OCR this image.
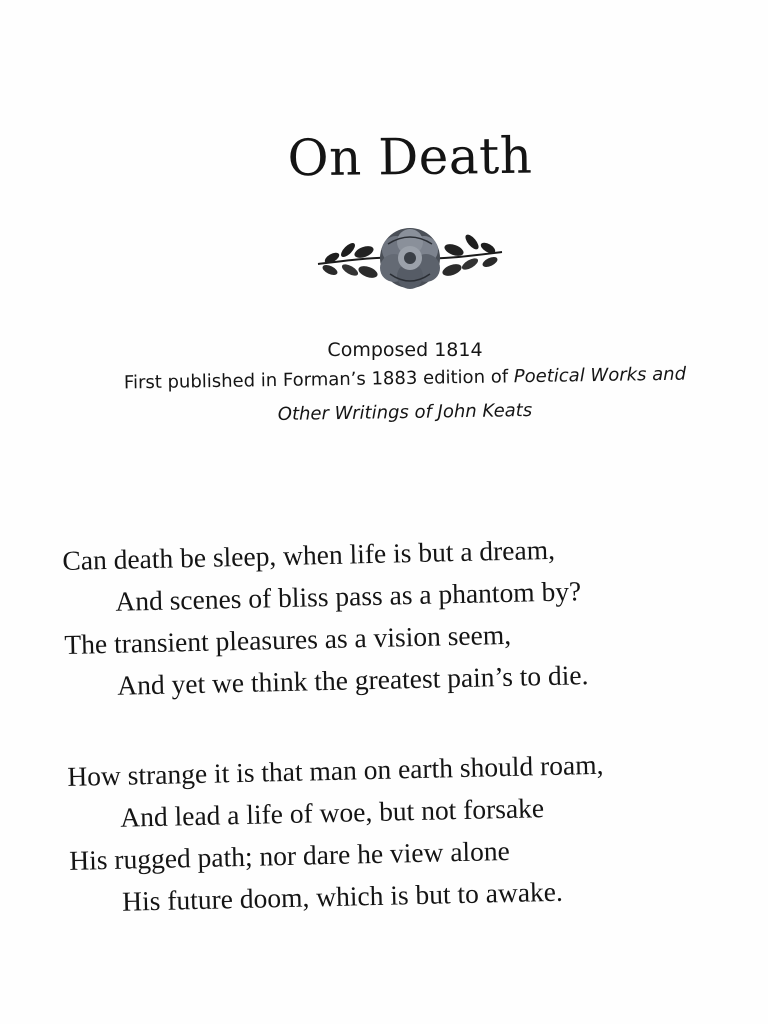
On Death
Composed 1814
First published in Forman’s 1883 edition of Poetical Works and
Other Writings of John Keats
Can death be sleep, when life is but a dream,
And scenes of bliss pass as a phantom by?
The transient pleasures as a vision seem,
And yet we think the greatest pain’s to die.
How strange it is that man on earth should roam,
And lead a life of woe, but not forsake
His rugged path; nor dare he view alone
His future doom, which is but to awake.
